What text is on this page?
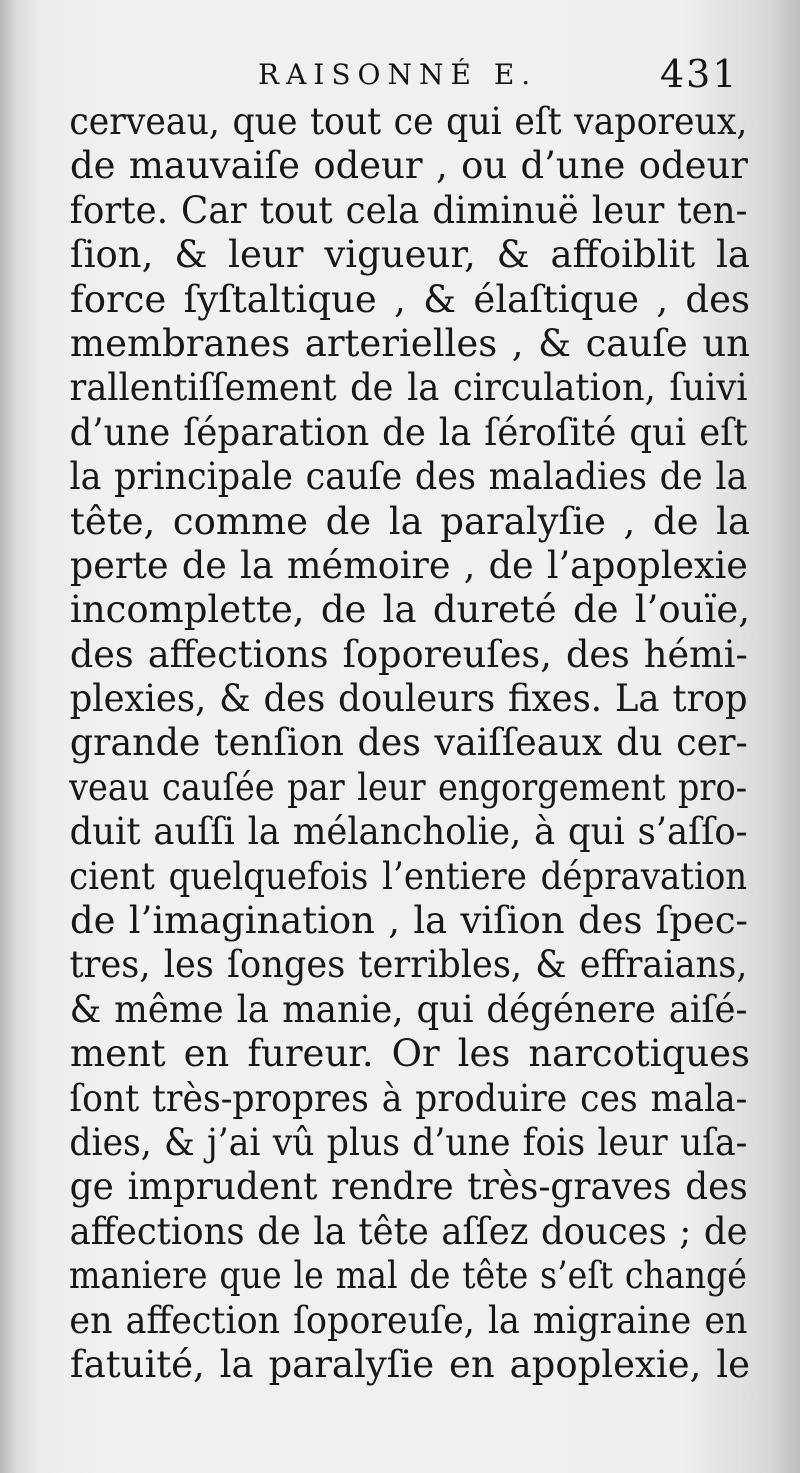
RAISONNÉ E.	431
cerveau, que tout ce qui eſt vaporeux,
de mauvaiſe odeur , ou d’une odeur
forte. Car tout cela diminuë leur ten-
ſion, & leur vigueur, & affoiblit la
force ſyſtaltique , & élaſtique , des
membranes arterielles , & cauſe un
rallentiſſement de la circulation, ſuivi
d’une ſéparation de la ſéroſité qui eſt
la principale cauſe des maladies de la
tête, comme de la paralyſie , de la
perte de la mémoire , de l’apoplexie
incomplette, de la dureté de l’ouïe,
des affections ſoporeuſes, des hémi-
plexies, & des douleurs fixes. La trop
grande tenſion des vaiſſeaux du cer-
veau cauſée par leur engorgement pro-
duit auſſi la mélancholie, à qui s’aſſo-
cient quelquefois l’entiere dépravation
de l’imagination , la viſion des ſpec-
tres, les ſonges terribles, & effraians,
& même la manie, qui dégénere aiſé-
ment en fureur. Or les narcotiques
ſont très-propres à produire ces mala-
dies, & j’ai vû plus d’une fois leur uſa-
ge imprudent rendre très-graves des
affections de la tête aſſez douces ; de
maniere que le mal de tête s’eſt changé
en affection ſoporeuſe, la migraine en
fatuité, la paralyſie en apoplexie, le
